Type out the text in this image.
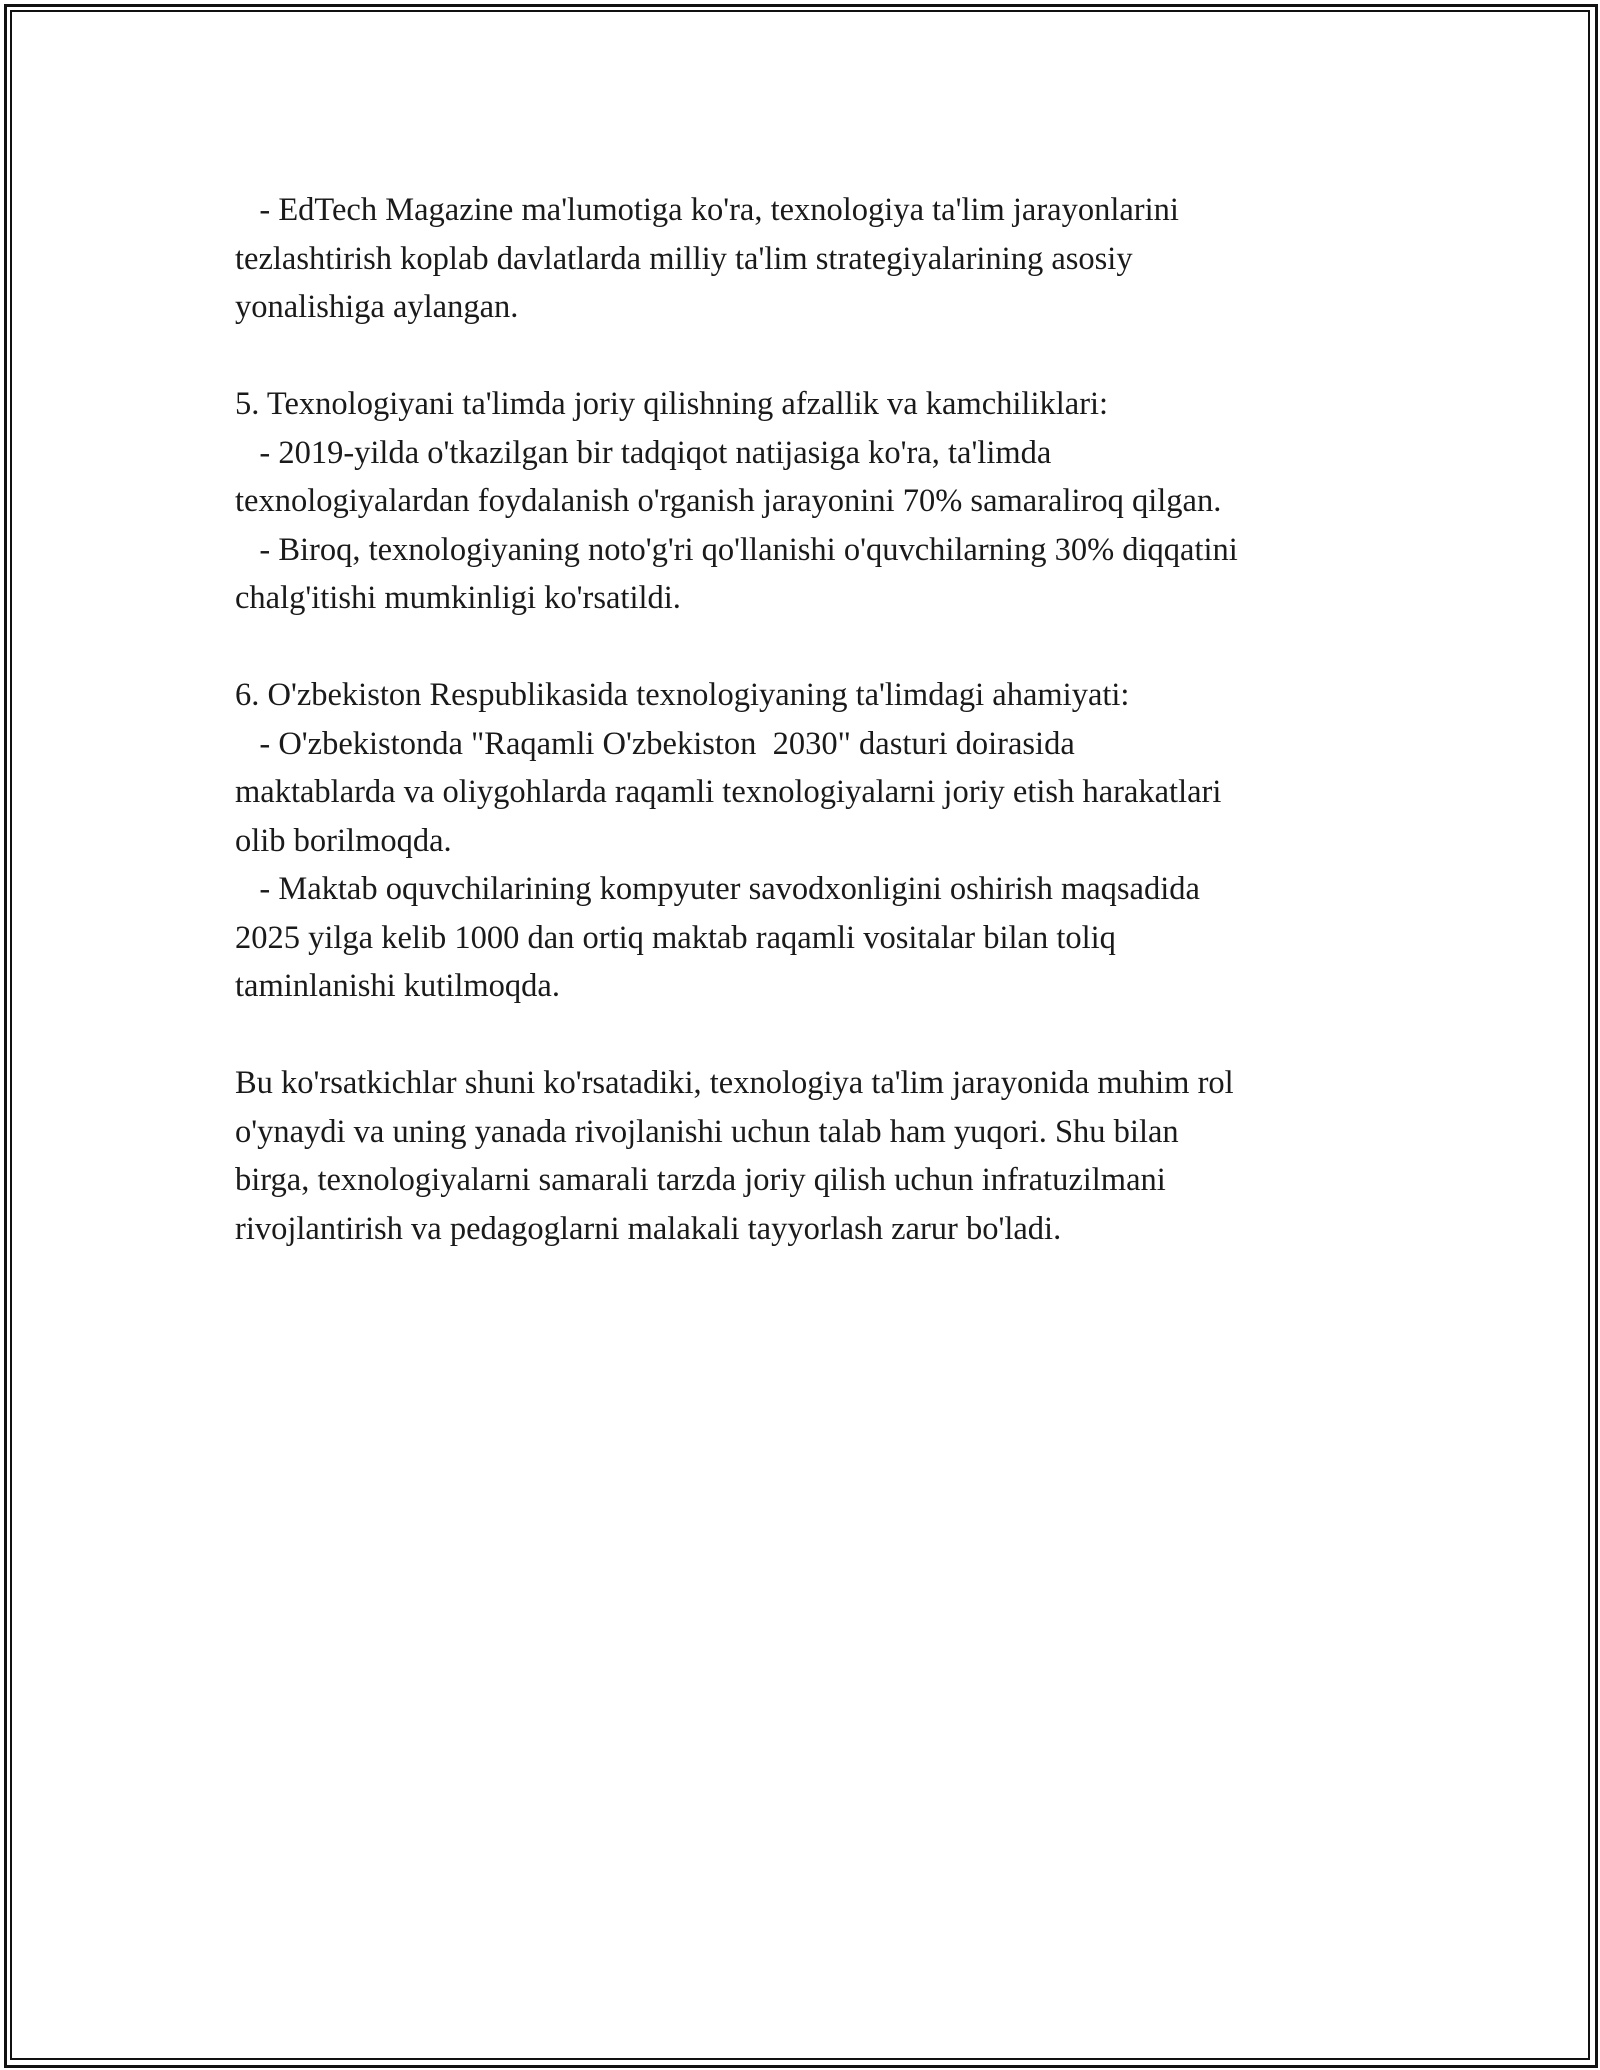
- EdTech Magazine ma'lumotiga ko'ra, texnologiya ta'lim jarayonlarini
tezlashtirish koplab davlatlarda milliy ta'lim strategiyalarining asosiy
yonalishiga aylangan.
5. Texnologiyani ta'limda joriy qilishning afzallik va kamchiliklari:
- 2019-yilda o'tkazilgan bir tadqiqot natijasiga ko'ra, ta'limda
texnologiyalardan foydalanish o'rganish jarayonini 70% samaraliroq qilgan.
- Biroq, texnologiyaning noto'g'ri qo'llanishi o'quvchilarning 30% diqqatini
chalg'itishi mumkinligi ko'rsatildi.
6. O'zbekiston Respublikasida texnologiyaning ta'limdagi ahamiyati:
- O'zbekistonda "Raqamli O'zbekiston  2030" dasturi doirasida
maktablarda va oliygohlarda raqamli texnologiyalarni joriy etish harakatlari
olib borilmoqda.
- Maktab oquvchilarining kompyuter savodxonligini oshirish maqsadida
2025 yilga kelib 1000 dan ortiq maktab raqamli vositalar bilan toliq
taminlanishi kutilmoqda.
Bu ko'rsatkichlar shuni ko'rsatadiki, texnologiya ta'lim jarayonida muhim rol
o'ynaydi va uning yanada rivojlanishi uchun talab ham yuqori. Shu bilan
birga, texnologiyalarni samarali tarzda joriy qilish uchun infratuzilmani
rivojlantirish va pedagoglarni malakali tayyorlash zarur bo'ladi.
